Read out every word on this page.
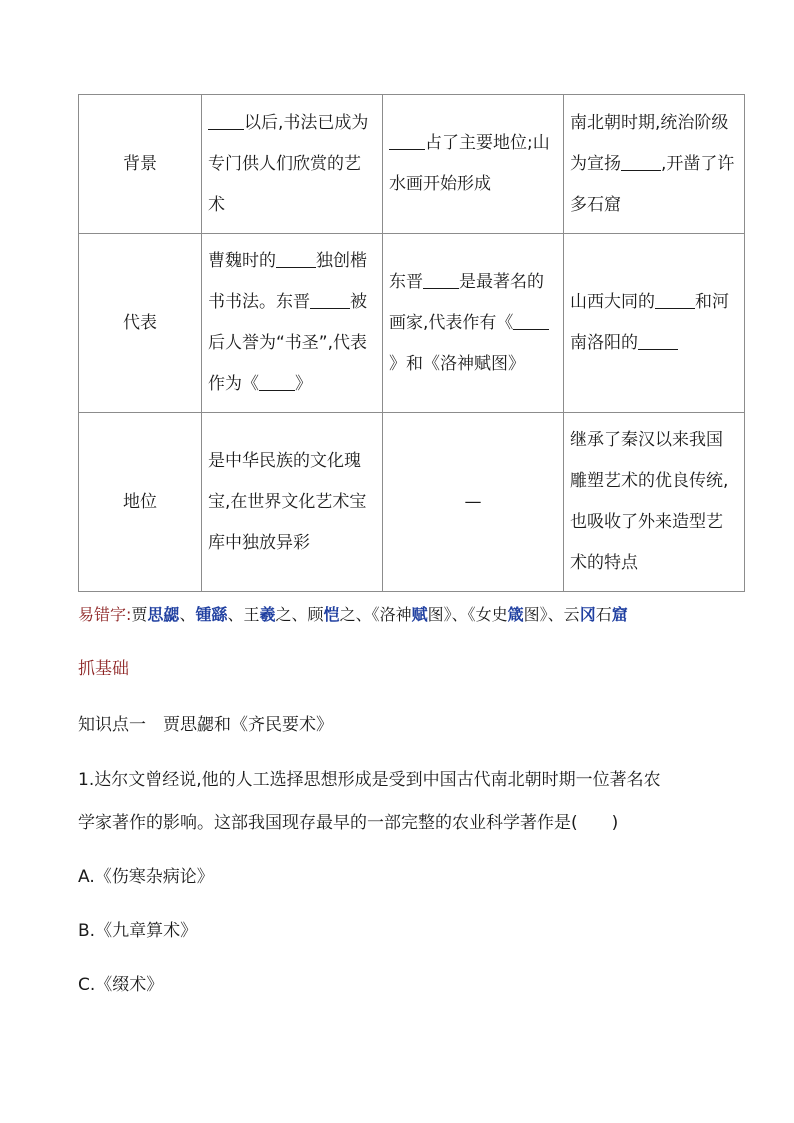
背景	以后,书法已成为专门供人们欣赏的艺术	占了主要地位;山水画开始形成	南北朝时期,统治阶级为宣扬 ,开凿了许多石窟
代表	曹魏时的 独创楷书书法。东晋 被后人誉为“书圣”,代表作为《 》	东晋 是最著名的画家,代表作有《》和《洛神赋图》	山西大同的 和河南洛阳的
地位	是中华民族的文化瑰宝,在世界文化艺术宝库中独放异彩	—	继承了秦汉以来我国雕塑艺术的优良传统,也吸收了外来造型艺术的特点
易错字:贾思勰、锺繇、王羲之、顾恺之、《洛神赋图》、《女史箴图》、云冈石窟
抓基础
知识点一　贾思勰和《齐民要术》
1.达尔文曾经说,他的人工选择思想形成是受到中国古代南北朝时期一位著名农
学家著作的影响。这部我国现存最早的一部完整的农业科学著作是(　　)
A.《伤寒杂病论》
B.《九章算术》
C.《缀术》
